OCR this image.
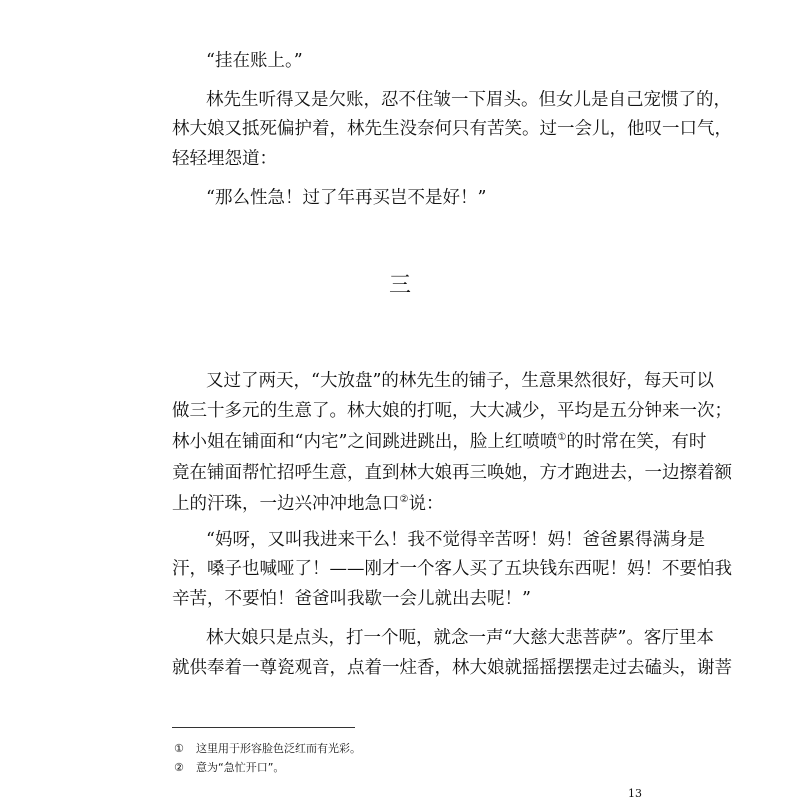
“挂在账上。”
林先生听得又是欠账，忍不住皱一下眉头。但女儿是自己宠惯了的，
林大娘又抵死偏护着，林先生没奈何只有苦笑。过一会儿，他叹一口气，
轻轻埋怨道：
“那么性急！过了年再买岂不是好！”
三
又过了两天，“大放盘”的林先生的铺子，生意果然很好，每天可以
做三十多元的生意了。林大娘的打呃，大大减少，平均是五分钟来一次；
林小姐在铺面和“内宅”之间跳进跳出，脸上红喷喷①的时常在笑，有时
竟在铺面帮忙招呼生意，直到林大娘再三唤她，方才跑进去，一边擦着额
上的汗珠，一边兴冲冲地急口②说：
“妈呀，又叫我进来干么！我不觉得辛苦呀！妈！爸爸累得满身是
汗，嗓子也喊哑了！——刚才一个客人买了五块钱东西呢！妈！不要怕我
辛苦，不要怕！爸爸叫我歇一会儿就出去呢！”
林大娘只是点头，打一个呃，就念一声“大慈大悲菩萨”。客厅里本
就供奉着一尊瓷观音，点着一炷香，林大娘就摇摇摆摆走过去磕头，谢菩
① 这里用于形容脸色泛红而有光彩。
② 意为“急忙开口”。
13
